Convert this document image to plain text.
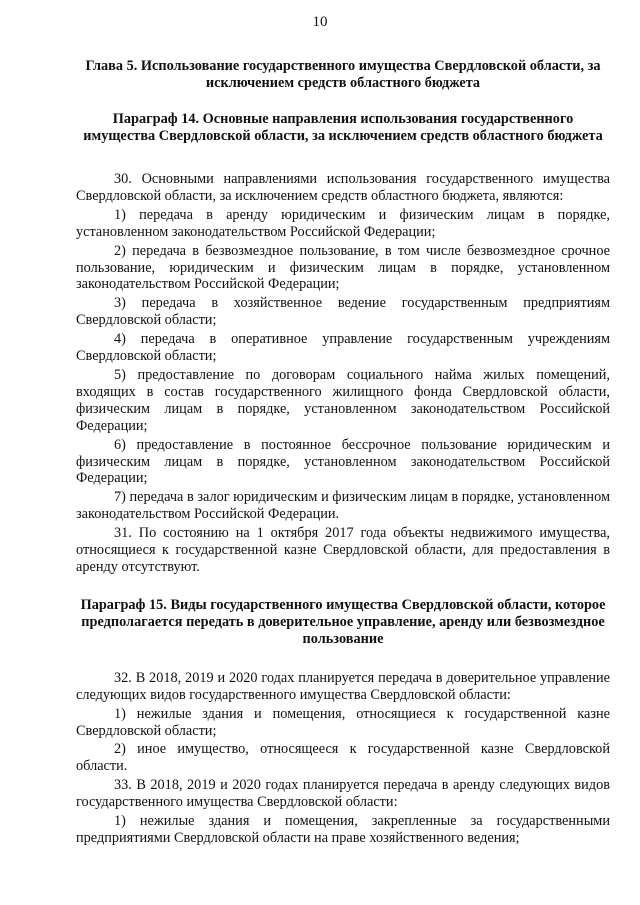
10
Глава 5. Использование государственного имущества Свердловской области, за исключением средств областного бюджета
Параграф 14. Основные направления использования государственного имущества Свердловской области, за исключением средств областного бюджета

30. Основными направлениями использования государственного имущества Свердловской области, за исключением средств областного бюджета, являются:

1) передача в аренду юридическим и физическим лицам в порядке, установленном законодательством Российской Федерации;

2) передача в безвозмездное пользование, в том числе безвозмездное срочное пользование, юридическим и физическим лицам в порядке, установленном законодательством Российской Федерации;

3) передача в хозяйственное ведение государственным предприятиям Свердловской области;

4) передача в оперативное управление государственным учреждениям Свердловской области;

5) предоставление по договорам социального найма жилых помещений, входящих в состав государственного жилищного фонда Свердловской области, физическим лицам в порядке, установленном законодательством Российской Федерации;

6) предоставление в постоянное бессрочное пользование юридическим и физическим лицам в порядке, установленном законодательством Российской Федерации;

7) передача в залог юридическим и физическим лицам в порядке, установленном законодательством Российской Федерации.

31. По состоянию на 1 октября 2017 года объекты недвижимого имущества, относящиеся к государственной казне Свердловской области, для предоставления в аренду отсутствуют.

Параграф 15. Виды государственного имущества Свердловской области, которое предполагается передать в доверительное управление, аренду или безвозмездное пользование

32. В 2018, 2019 и 2020 годах планируется передача в доверительное управление следующих видов государственного имущества Свердловской области:

1) нежилые здания и помещения, относящиеся к государственной казне Свердловской области;

2) иное имущество, относящееся к государственной казне Свердловской области.

33. В 2018, 2019 и 2020 годах планируется передача в аренду следующих видов государственного имущества Свердловской области:

1) нежилые здания и помещения, закрепленные за государственными предприятиями Свердловской области на праве хозяйственного ведения;
